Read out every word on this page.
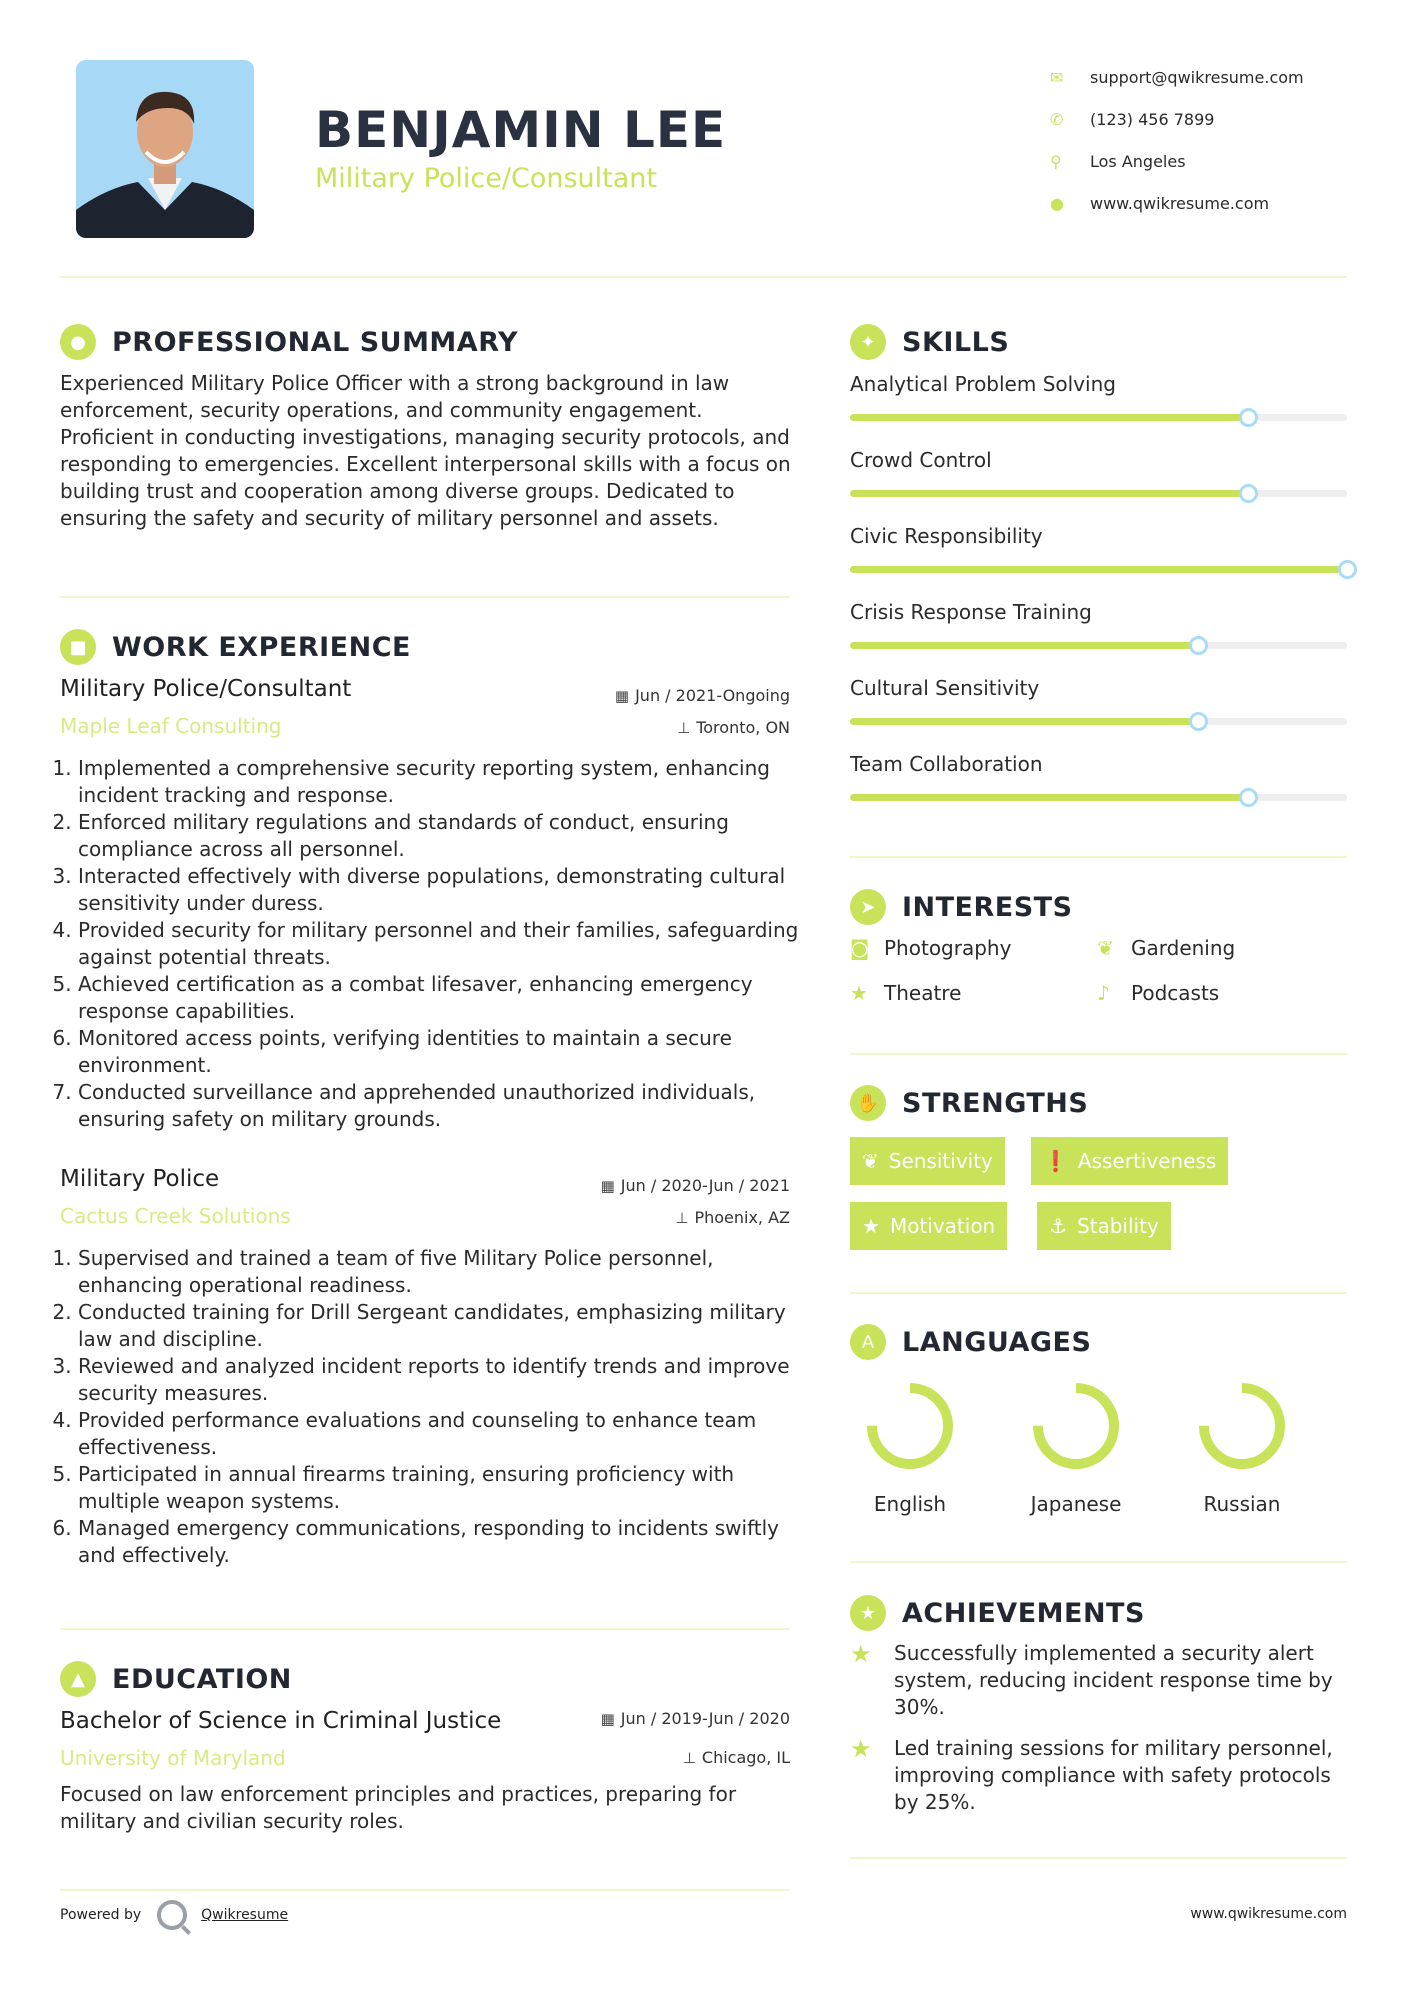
BENJAMIN LEE
Military Police/Consultant
✉	support@qwikresume.com
✆	(123) 456 7899
⚲	Los Angeles
●	www.qwikresume.com
● PROFESSIONAL SUMMARY
Experienced Military Police Officer with a strong background in law enforcement, security operations, and community engagement. Proficient in conducting investigations, managing security protocols, and responding to emergencies. Excellent interpersonal skills with a focus on building trust and cooperation among diverse groups. Dedicated to ensuring the safety and security of military personnel and assets.
■ WORK EXPERIENCE
Military Police/Consultant
Maple Leaf Consulting
▦ Jun / 2021-Ongoing
⊥ Toronto, ON
1. Implemented a comprehensive security reporting system, enhancing incident tracking and response.
2. Enforced military regulations and standards of conduct, ensuring compliance across all personnel.
3. Interacted effectively with diverse populations, demonstrating cultural sensitivity under duress.
4. Provided security for military personnel and their families, safeguarding against potential threats.
5. Achieved certification as a combat lifesaver, enhancing emergency response capabilities.
6. Monitored access points, verifying identities to maintain a secure environment.
7. Conducted surveillance and apprehended unauthorized individuals, ensuring safety on military grounds.
Military Police
Cactus Creek Solutions
▦ Jun / 2020-Jun / 2021
⊥ Phoenix, AZ
1. Supervised and trained a team of five Military Police personnel, enhancing operational readiness.
2. Conducted training for Drill Sergeant candidates, emphasizing military law and discipline.
3. Reviewed and analyzed incident reports to identify trends and improve security measures.
4. Provided performance evaluations and counseling to enhance team effectiveness.
5. Participated in annual firearms training, ensuring proficiency with multiple weapon systems.
6. Managed emergency communications, responding to incidents swiftly and effectively.
▲	EDUCATION
Bachelor of Science in Criminal Justice
University of Maryland
▦ Jun / 2019-Jun / 2020
⊥ Chicago, IL
Focused on law enforcement principles and practices, preparing for military and civilian security roles.
✦ SKILLS
Analytical Problem Solving
Crowd Control
Civic Responsibility
Crisis Response Training
Cultural Sensitivity
Team Collaboration
➤ INTERESTS
◙ Photography	❦ Gardening
★ Theatre	♪	Podcasts
✋ STRENGTHS
❦ Sensitivity	❗ Assertiveness
★ Motivation	⚓ Stability
A	LANGUAGES
English	Japanese	Russian
★ ACHIEVEMENTS
★	Successfully implemented a security alert system, reducing incident response time by 30%.
★	Led training sessions for military personnel, improving compliance with safety protocols by 25%.
Powered by	Qwikresume	www.qwikresume.com
